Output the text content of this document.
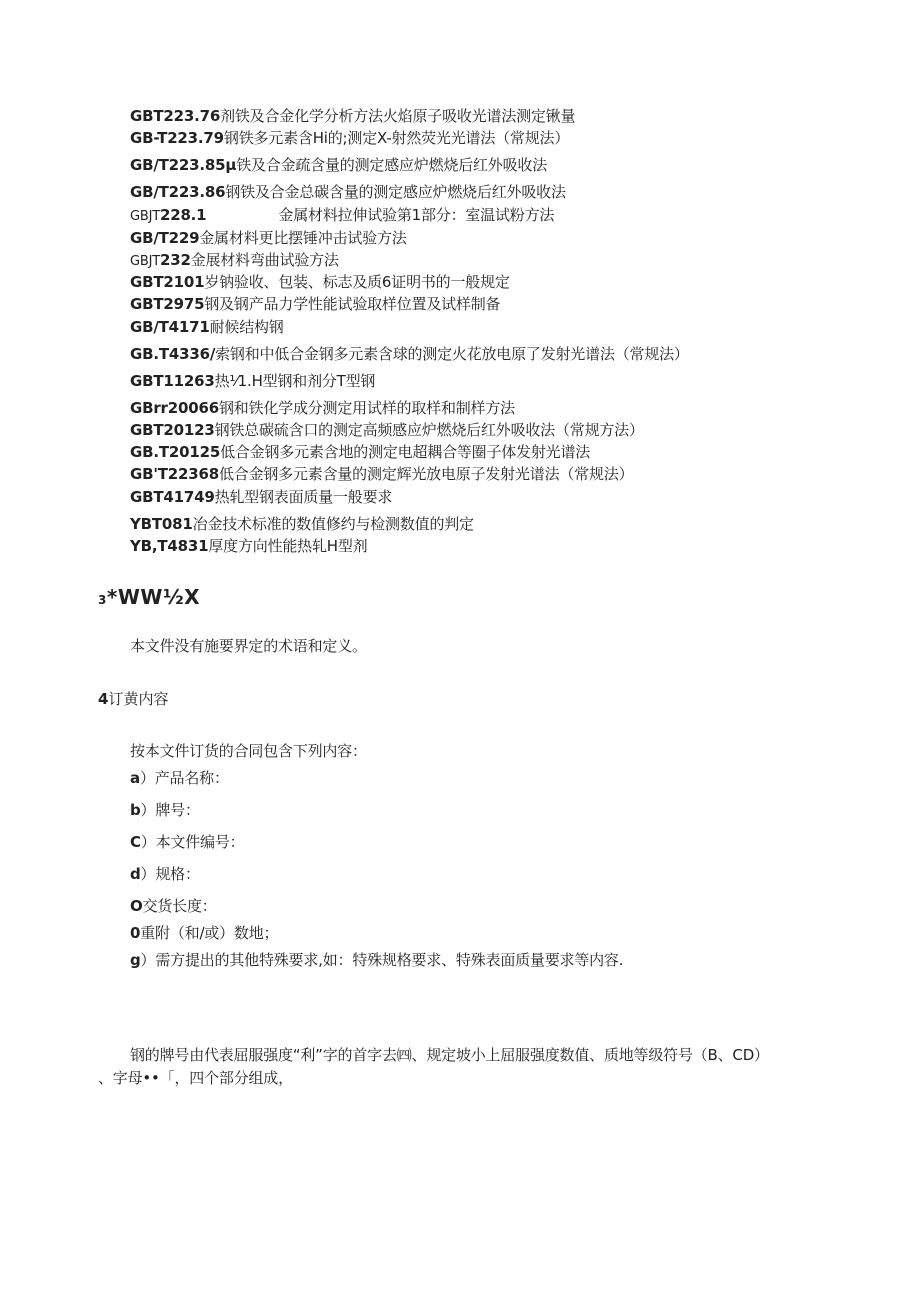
GBT223.76剂铁及合金化学分析方法火焰原子吸收光谱法测定锹量
GB-T223.79钢铁多元素含Hi的;测定X-射然荧光光谱法（常规法）
GB/T223.85μ铁及合金疏含量的测定感应炉燃烧后红外吸收法
GB/T223.86钢铁及合金总碳含量的测定感应炉燃烧后红外吸收法
GBJT228.1	金属材料拉伸试验第1部分：室温试粉方法
GB/T229金属材料更比摆锤冲击试验方法
GBJT232金展材料弯曲试验方法
GBT2101岁钠验收、包装、标志及质6证明书的一般规定
GBT2975钢及钢产品力学性能试验取样位置及试样制备
GB/T4171耐候结构钢
GB.T4336/索钢和中低合金钢多元素含球的测定火花放电原了发射光谱法（常规法）
GBT11263热⅟1.H型钢和剂分T型钢
GBrr20066钢和铁化学成分测定用试样的取样和制样方法
GBT20123钢铁总碳硫含口的测定高频感应炉燃烧后红外吸收法（常规方法）
GB.T20125低合金钢多元素含地的测定电超耦合等圈子体发射光谱法
GB'T22368低合金钢多元素含量的测定辉光放电原子发射光谱法（常规法）
GBT41749热轧型钢表面质量一般要求
YBT081冶金技术标准的数值修约与检测数值的判定
YB,T4831厚度方向性能热轧H型剂
3*WW½X
本文件没有施要界定的术语和定义。
4订黄内容
按本文件订货的合同包含下列内容：
a）产品名称：
b）牌号：
C）本文件编号：
d）规格：
O交货长度：
0重附（和/或）数地；
g）需方提出的其他特殊要求,如：特殊规格要求、特殊表面质量要求等内容.
钢的牌号由代表屈服强度“利”字的首字去㈣、规定坡小上屈服强度数值、质地等级符号（B、CD）
、字母••「，四个部分组成，
